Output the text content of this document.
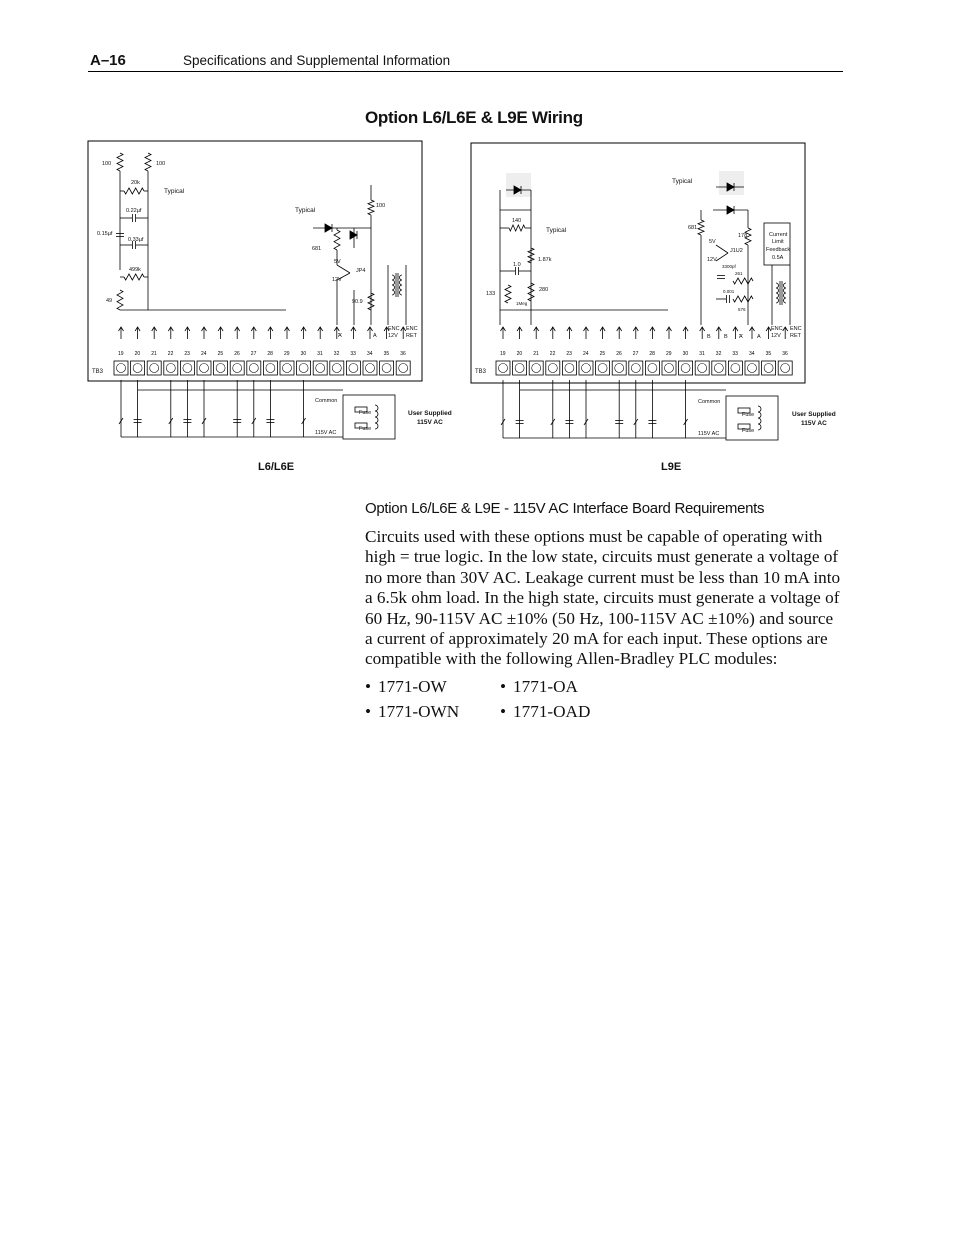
A–16	Specifications and Supplemental Information
Option L6/L6E & L9E Wiring
19 20 21 22 23 24 25 26 27 28 29 30 31 32 33 34 35 36	19 20 21 22 23 24 25 26 27 28 29 30 31 32 33 34 35 36
100	100
20k
Typical
0.22µf
0.15µf
0.33µf
499k
49
Typical
100
681
5V
12V
JP4
90.9
A	A
ENC
12V
ENC
RET
TB3
Common
115V AC
Fuse
Fuse
User Supplied
115V AC
L6/L6E
140
Typical
1.0
1.87k
133
280
1Meg
Typical
681
178
5V
12V
J1U2
3300pf
261
0.001
576
Current
Limit
Feedback
0.5A
B B A	A
ENC
12V
ENC
RET
TB3
Common
115V AC
Fuse
Fuse
User Supplied
115V AC
L9E
Option L6/L6E & L9E - 115V AC Interface Board Requirements

Circuits used with these options must be capable of operating with high = true logic. In the low state, circuits must generate a voltage of no more than 30V AC. Leakage current must be less than 10 mA into a 6.5k ohm load. In the high state, circuits must generate a voltage of 60 Hz, 90-115V AC ±10% (50 Hz, 100-115V AC ±10%) and source a current of approximately 20 mA for each input. These options are compatible with the following Allen-Bradley PLC modules:

• 1771-OW	• 1771-OA
• 1771-OWN • 1771-OAD
